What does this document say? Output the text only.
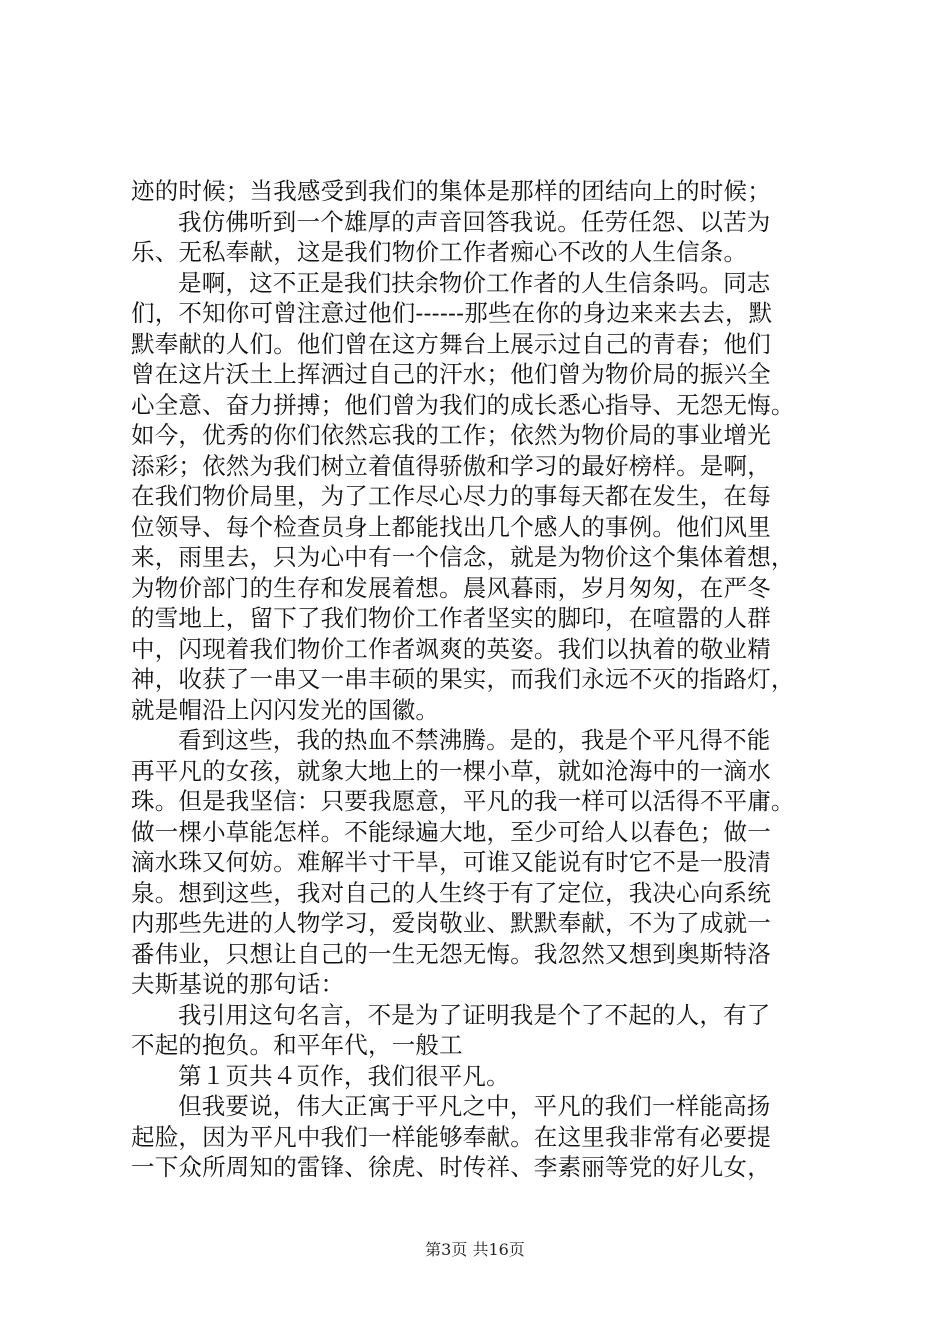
迹的时候；当我感受到我们的集体是那样的团结向上的时候；
我仿佛听到一个雄厚的声音回答我说。任劳任怨、以苦为
乐、无私奉献，这是我们物价工作者痴心不改的人生信条。
是啊，这不正是我们扶余物价工作者的人生信条吗。同志
们，不知你可曾注意过他们------那些在你的身边来来去去，默
默奉献的人们。他们曾在这方舞台上展示过自己的青春；他们
曾在这片沃土上挥洒过自己的汗水；他们曾为物价局的振兴全
心全意、奋力拼搏；他们曾为我们的成长悉心指导、无怨无悔。
如今，优秀的你们依然忘我的工作；依然为物价局的事业增光
添彩；依然为我们树立着值得骄傲和学习的最好榜样。是啊，
在我们物价局里，为了工作尽心尽力的事每天都在发生，在每
位领导、每个检查员身上都能找出几个感人的事例。他们风里
来，雨里去，只为心中有一个信念，就是为物价这个集体着想，
为物价部门的生存和发展着想。晨风暮雨，岁月匆匆，在严冬
的雪地上，留下了我们物价工作者坚实的脚印，在喧嚣的人群
中，闪现着我们物价工作者飒爽的英姿。我们以执着的敬业精
神，收获了一串又一串丰硕的果实，而我们永远不灭的指路灯，
就是帽沿上闪闪发光的国徽。
看到这些，我的热血不禁沸腾。是的，我是个平凡得不能
再平凡的女孩，就象大地上的一棵小草，就如沧海中的一滴水
珠。但是我坚信：只要我愿意，平凡的我一样可以活得不平庸。
做一棵小草能怎样。不能绿遍大地，至少可给人以春色；做一
滴水珠又何妨。难解半寸干旱，可谁又能说有时它不是一股清
泉。想到这些，我对自己的人生终于有了定位，我决心向系统
内那些先进的人物学习，爱岗敬业、默默奉献，不为了成就一
番伟业，只想让自己的一生无怨无悔。我忽然又想到奥斯特洛
夫斯基说的那句话：
我引用这句名言，不是为了证明我是个了不起的人，有了
不起的抱负。和平年代，一般工
第１页共４页作，我们很平凡。
但我要说，伟大正寓于平凡之中，平凡的我们一样能高扬
起脸，因为平凡中我们一样能够奉献。在这里我非常有必要提
一下众所周知的雷锋、徐虎、时传祥、李素丽等党的好儿女，
第3页 共16页
